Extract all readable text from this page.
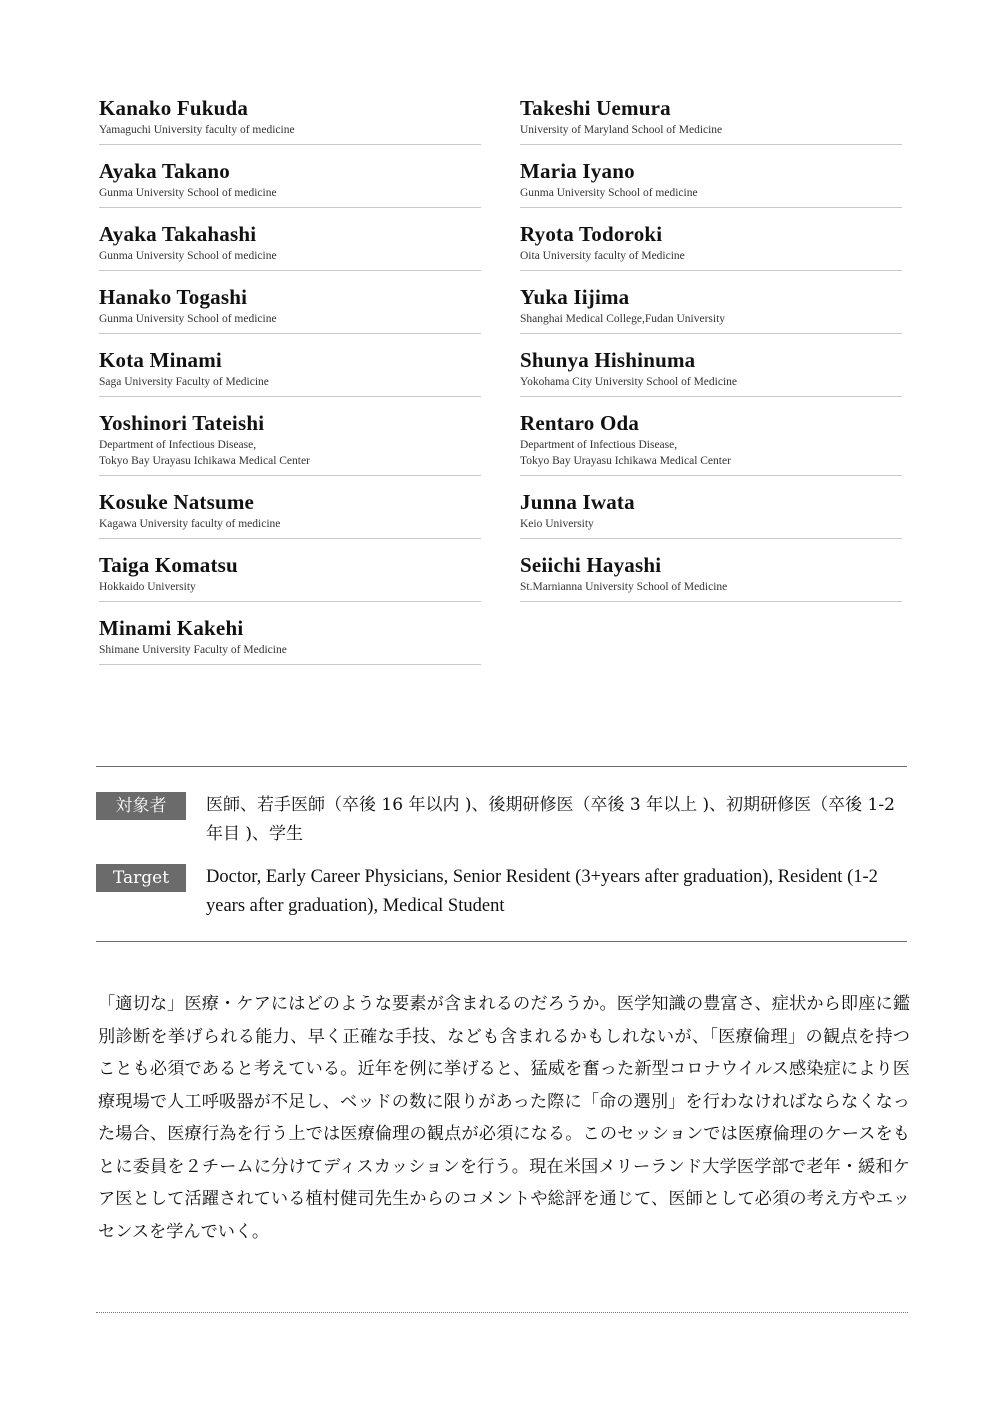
Kanako Fukuda
Yamaguchi University faculty of medicine
Ayaka Takano
Gunma University School of medicine
Ayaka Takahashi
Gunma University School of medicine
Hanako Togashi
Gunma University School of medicine
Kota Minami
Saga University Faculty of Medicine
Yoshinori Tateishi
Department of Infectious Disease,
Tokyo Bay Urayasu Ichikawa Medical Center
Kosuke Natsume
Kagawa University faculty of medicine
Taiga Komatsu
Hokkaido University
Minami Kakehi
Shimane University Faculty of Medicine
Takeshi Uemura
University of Maryland School of Medicine
Maria Iyano
Gunma University School of medicine
Ryota Todoroki
Oita University faculty of Medicine
Yuka Iijima
Shanghai Medical College,Fudan University
Shunya Hishinuma
Yokohama City University School of Medicine
Rentaro Oda
Department of Infectious Disease,
Tokyo Bay Urayasu Ichikawa Medical Center
Junna Iwata
Keio University
Seiichi Hayashi
St.Marnianna University School of Medicine
対象者	医師、若手医師（卒後 16 年以内 )、後期研修医（卒後 3 年以上 )、初期研修医（卒後 1-2 年目 )、学生
Target	Doctor, Early Career Physicians, Senior Resident (3+years after graduation), Resident (1-2 years after graduation), Medical Student
「適切な」医療・ケアにはどのような要素が含まれるのだろうか。医学知識の豊富さ、症状から即座に鑑別診断を挙げられる能力、早く正確な手技、なども含まれるかもしれないが、「医療倫理」の観点を持つことも必須であると考えている。近年を例に挙げると、猛威を奮った新型コロナウイルス感染症により医療現場で人工呼吸器が不足し、ベッドの数に限りがあった際に「命の選別」を行わなければならなくなった場合、医療行為を行う上では医療倫理の観点が必須になる。このセッションでは医療倫理のケースをもとに委員を２チームに分けてディスカッションを行う。現在米国メリーランド大学医学部で老年・緩和ケア医として活躍されている植村健司先生からのコメントや総評を通じて、医師として必須の考え方やエッセンスを学んでいく。
